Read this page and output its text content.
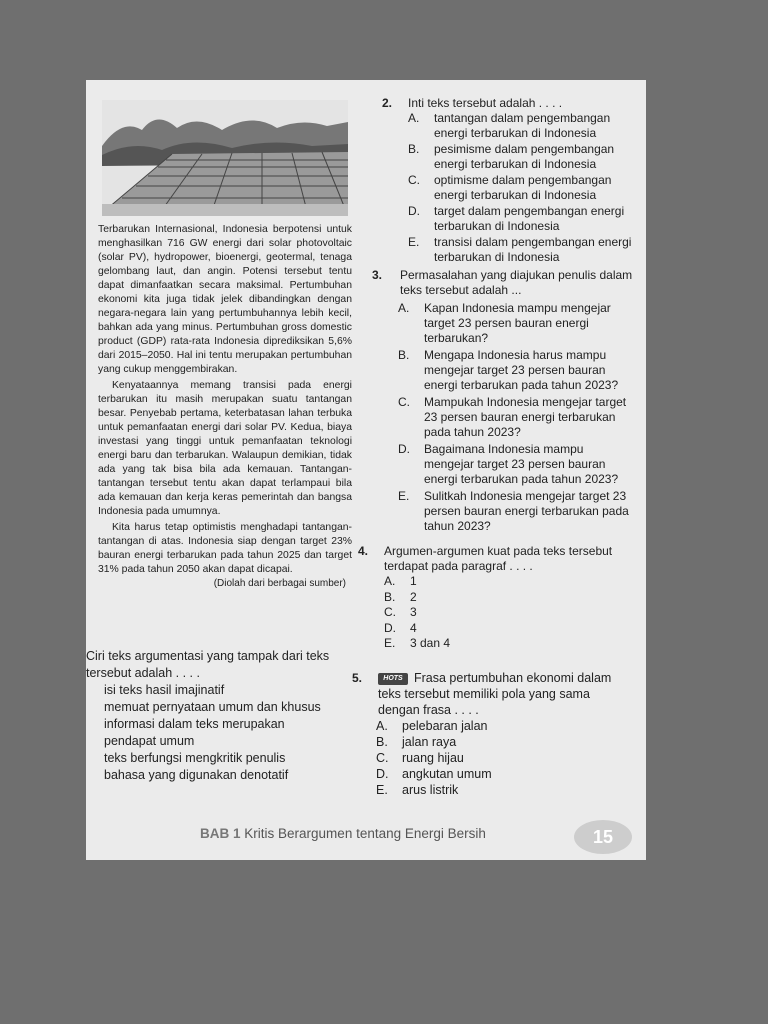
Terbarukan Internasional, Indonesia berpotensi untuk menghasilkan 716 GW energi dari solar photovoltaic (solar PV), hydropower, bioenergi, geotermal, tenaga gelombang laut, dan angin. Potensi tersebut tentu dapat dimanfaatkan secara maksimal. Pertumbuhan ekonomi kita juga tidak jelek dibandingkan dengan negara-negara lain yang pertumbuhannya lebih kecil, bahkan ada yang minus. Pertumbuhan gross domestic product (GDP) rata-rata Indonesia diprediksikan 5,6% dari 2015–2050. Hal ini tentu merupakan pertumbuhan yang cukup menggembirakan.

Kenyataannya memang transisi pada energi terbarukan itu masih merupakan suatu tantangan besar. Penyebab pertama, keterbatasan lahan terbuka untuk pemanfaatan energi dari solar PV. Kedua, biaya investasi yang tinggi untuk pemanfaatan teknologi energi baru dan terbarukan. Walaupun demikian, tidak ada yang tak bisa bila ada kemauan. Tantangan-tantangan tersebut tentu akan dapat terlampaui bila ada kemauan dan kerja keras pemerintah dan bangsa Indonesia pada umumnya.

Kita harus tetap optimistis menghadapi tantangan-tantangan di atas. Indonesia siap dengan target 23% bauran energi terbarukan pada tahun 2025 dan target 31% pada tahun 2050 akan dapat dicapai.

(Diolah dari berbagai sumber)
Ciri teks argumentasi yang tampak dari teks
tersebut adalah . . . .
isi teks hasil imajinatif
memuat pernyataan umum dan khusus
informasi dalam teks merupakan
pendapat umum
teks berfungsi mengkritik penulis
bahasa yang digunakan denotatif
2. Inti teks tersebut adalah . . . .
A. tantangan dalam pengembangan
energi terbarukan di Indonesia
B. pesimisme dalam pengembangan
energi terbarukan di Indonesia
C. optimisme dalam pengembangan
energi terbarukan di Indonesia
D. target dalam pengembangan energi
terbarukan di Indonesia
E. transisi dalam pengembangan energi
terbarukan di Indonesia
3. Permasalahan yang diajukan penulis dalam
teks tersebut adalah ...
A. Kapan Indonesia mampu mengejar
target 23 persen bauran energi
terbarukan?
B. Mengapa Indonesia harus mampu
mengejar target 23 persen bauran
energi terbarukan pada tahun 2023?
C. Mampukah Indonesia mengejar target
23 persen bauran energi terbarukan
pada tahun 2023?
D. Bagaimana Indonesia mampu
mengejar target 23 persen bauran
energi terbarukan pada tahun 2023?
E. Sulitkah Indonesia mengejar target 23
persen bauran energi terbarukan pada
tahun 2023?
4. Argumen-argumen kuat pada teks tersebut
terdapat pada paragraf . . . .
A. 1
B. 2
C. 3
D. 4
E. 3 dan 4
5.	HOTS Frasa pertumbuhan ekonomi dalam
teks tersebut memiliki pola yang sama
dengan frasa . . . .
A. pelebaran jalan
B. jalan raya
C. ruang hijau
D. angkutan umum
E. arus listrik
BAB 1 Kritis Berargumen tentang Energi Bersih	15
